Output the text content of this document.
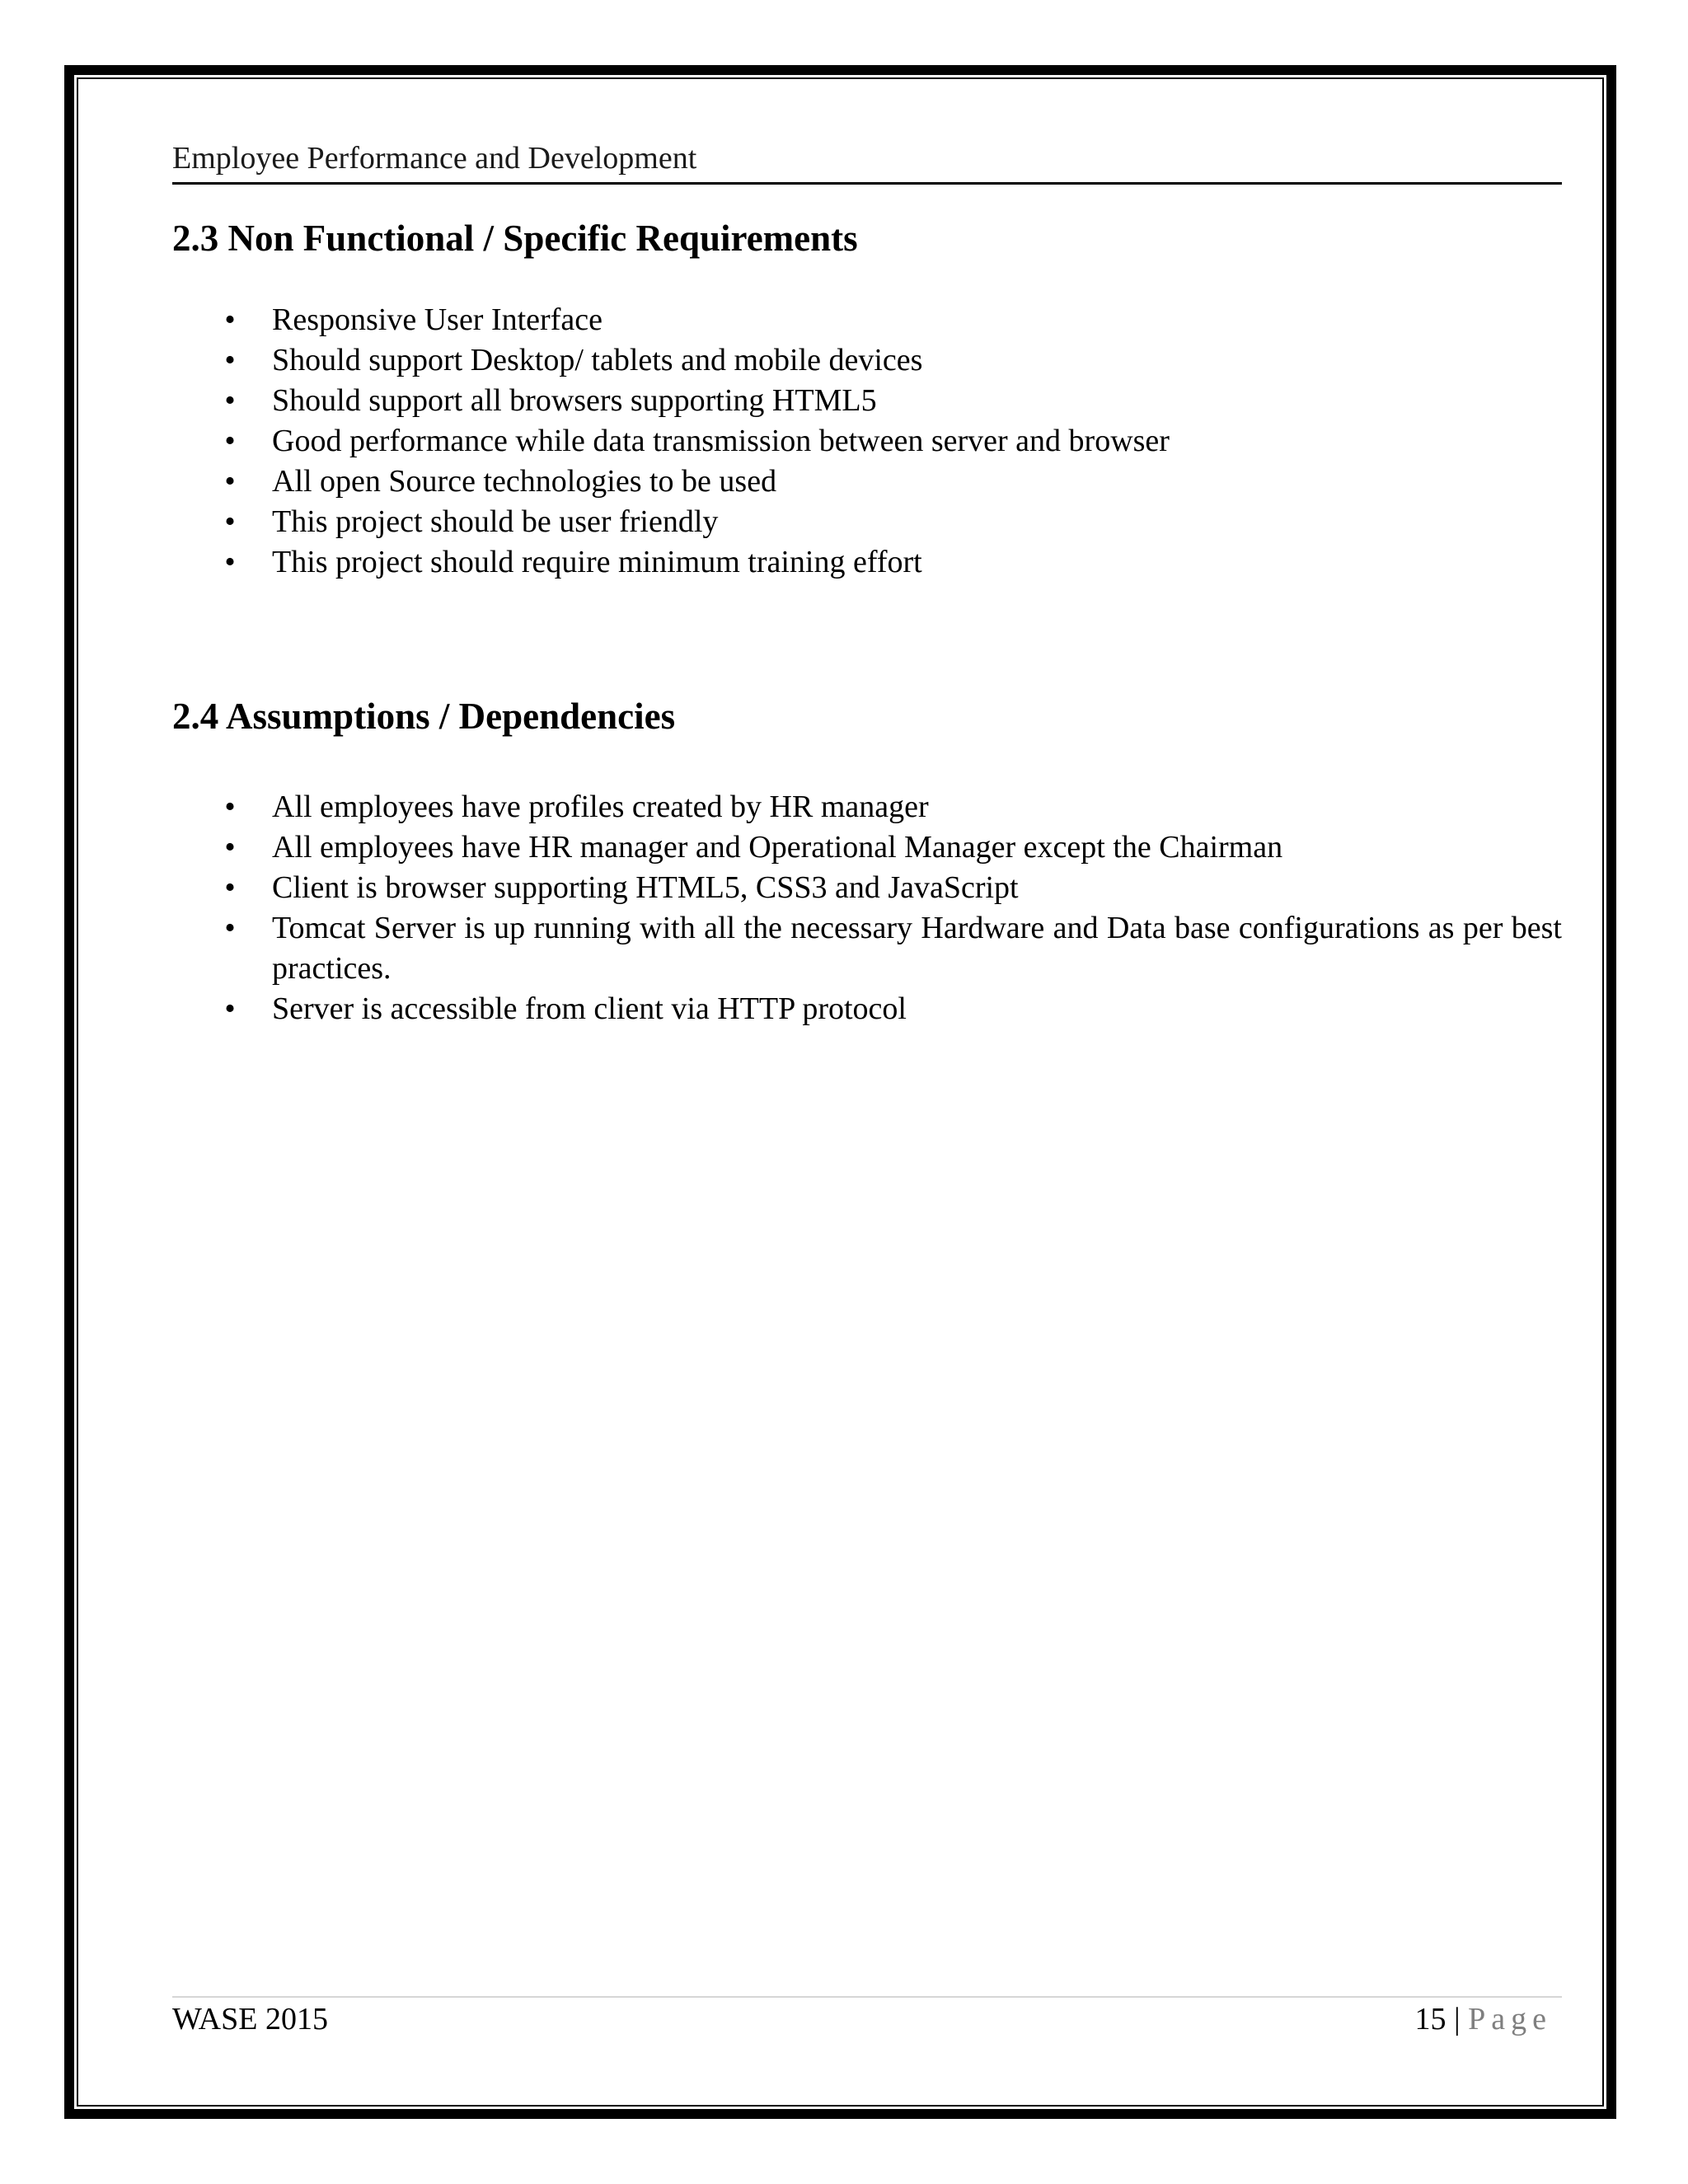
Employee Performance and Development
2.3 Non Functional / Specific Requirements
• Responsive User Interface
• Should support Desktop/ tablets and mobile devices
• Should support all browsers supporting HTML5
• Good performance while data transmission between server and browser
• All open Source technologies to be used
• This project should be user friendly
• This project should require minimum training effort
2.4 Assumptions / Dependencies
• All employees have profiles created by HR manager
• All employees have HR manager and Operational Manager except the Chairman
• Client is browser supporting HTML5, CSS3 and JavaScript
• Tomcat Server is up running with all the necessary Hardware and Data base configurations as per best practices.
• Server is accessible from client via HTTP protocol
WASE 2015	15 | Page
